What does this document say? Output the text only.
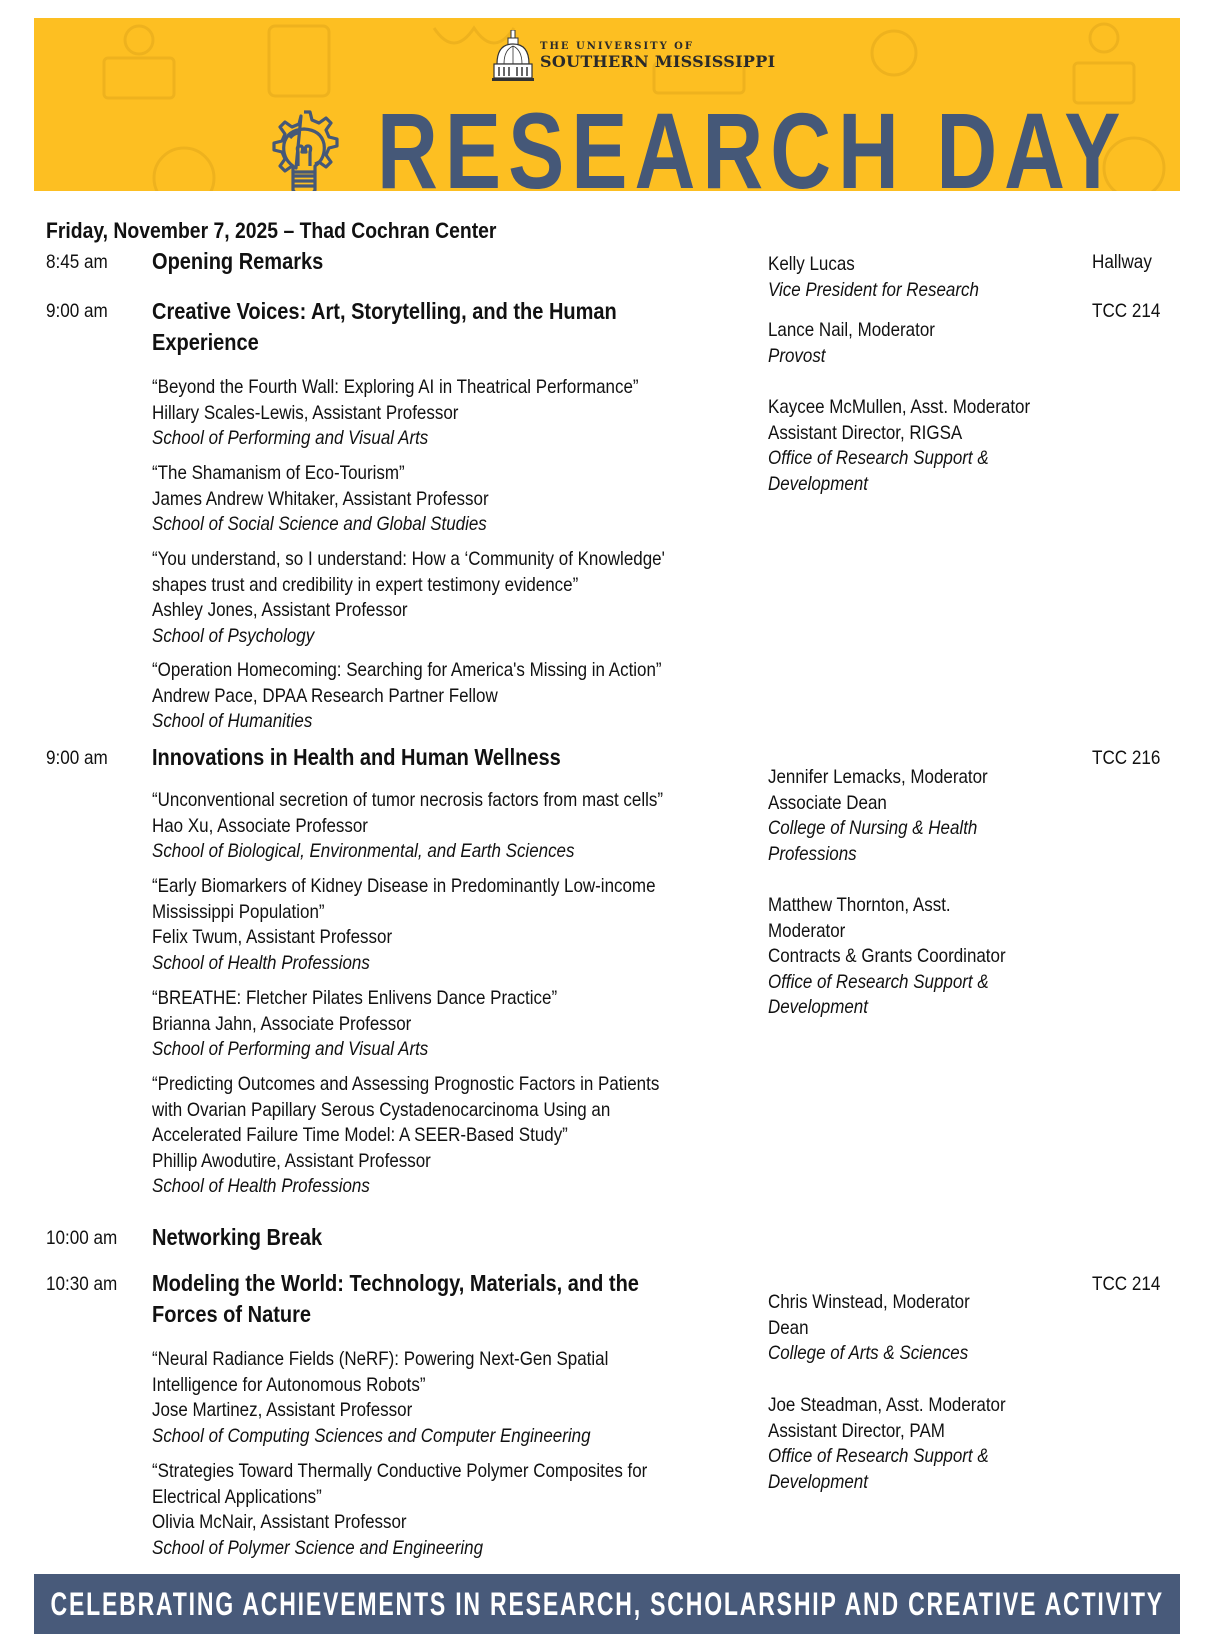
THE UNIVERSITY OF
SOUTHERN MISSISSIPPI
RESEARCH DAY
Friday, November 7, 2025 – Thad Cochran Center
8:45 am Opening Remarks	Hallway
Kelly Lucas
Vice President for Research
9:00 am Creative Voices: Art, Storytelling, and the Human Experience
TCC 214
“Beyond the Fourth Wall: Exploring AI in Theatrical Performance”
Hillary Scales-Lewis, Assistant Professor
School of Performing and Visual Arts
“The Shamanism of Eco-Tourism”
James Andrew Whitaker, Assistant Professor
School of Social Science and Global Studies
“You understand, so I understand: How a ‘Community of Knowledge'
shapes trust and credibility in expert testimony evidence”
Ashley Jones, Assistant Professor
School of Psychology
“Operation Homecoming: Searching for America's Missing in Action”
Andrew Pace, DPAA Research Partner Fellow
School of Humanities
Lance Nail, Moderator
Provost
Kaycee McMullen, Asst. Moderator
Assistant Director, RIGSA
Office of Research Support &
Development
9:00 am Innovations in Health and Human Wellness	TCC 216
“Unconventional secretion of tumor necrosis factors from mast cells”
Hao Xu, Associate Professor
School of Biological, Environmental, and Earth Sciences
“Early Biomarkers of Kidney Disease in Predominantly Low-income
Mississippi Population”
Felix Twum, Assistant Professor
School of Health Professions
“BREATHE: Fletcher Pilates Enlivens Dance Practice”
Brianna Jahn, Associate Professor
School of Performing and Visual Arts
“Predicting Outcomes and Assessing Prognostic Factors in Patients
with Ovarian Papillary Serous Cystadenocarcinoma Using an
Accelerated Failure Time Model: A SEER-Based Study”
Phillip Awodutire, Assistant Professor
School of Health Professions
Jennifer Lemacks, Moderator
Associate Dean
College of Nursing & Health
Professions
Matthew Thornton, Asst.
Moderator
Contracts & Grants Coordinator
Office of Research Support &
Development
10:00 am Networking Break
10:30 am Modeling the World: Technology, Materials, and the Forces of Nature
TCC 214
“Neural Radiance Fields (NeRF): Powering Next-Gen Spatial
Intelligence for Autonomous Robots”
Jose Martinez, Assistant Professor
School of Computing Sciences and Computer Engineering
“Strategies Toward Thermally Conductive Polymer Composites for
Electrical Applications”
Olivia McNair, Assistant Professor
School of Polymer Science and Engineering
Chris Winstead, Moderator
Dean
College of Arts & Sciences
Joe Steadman, Asst. Moderator
Assistant Director, PAM
Office of Research Support &
Development
CELEBRATING ACHIEVEMENTS IN RESEARCH, SCHOLARSHIP AND CREATIVE ACTIVITY
